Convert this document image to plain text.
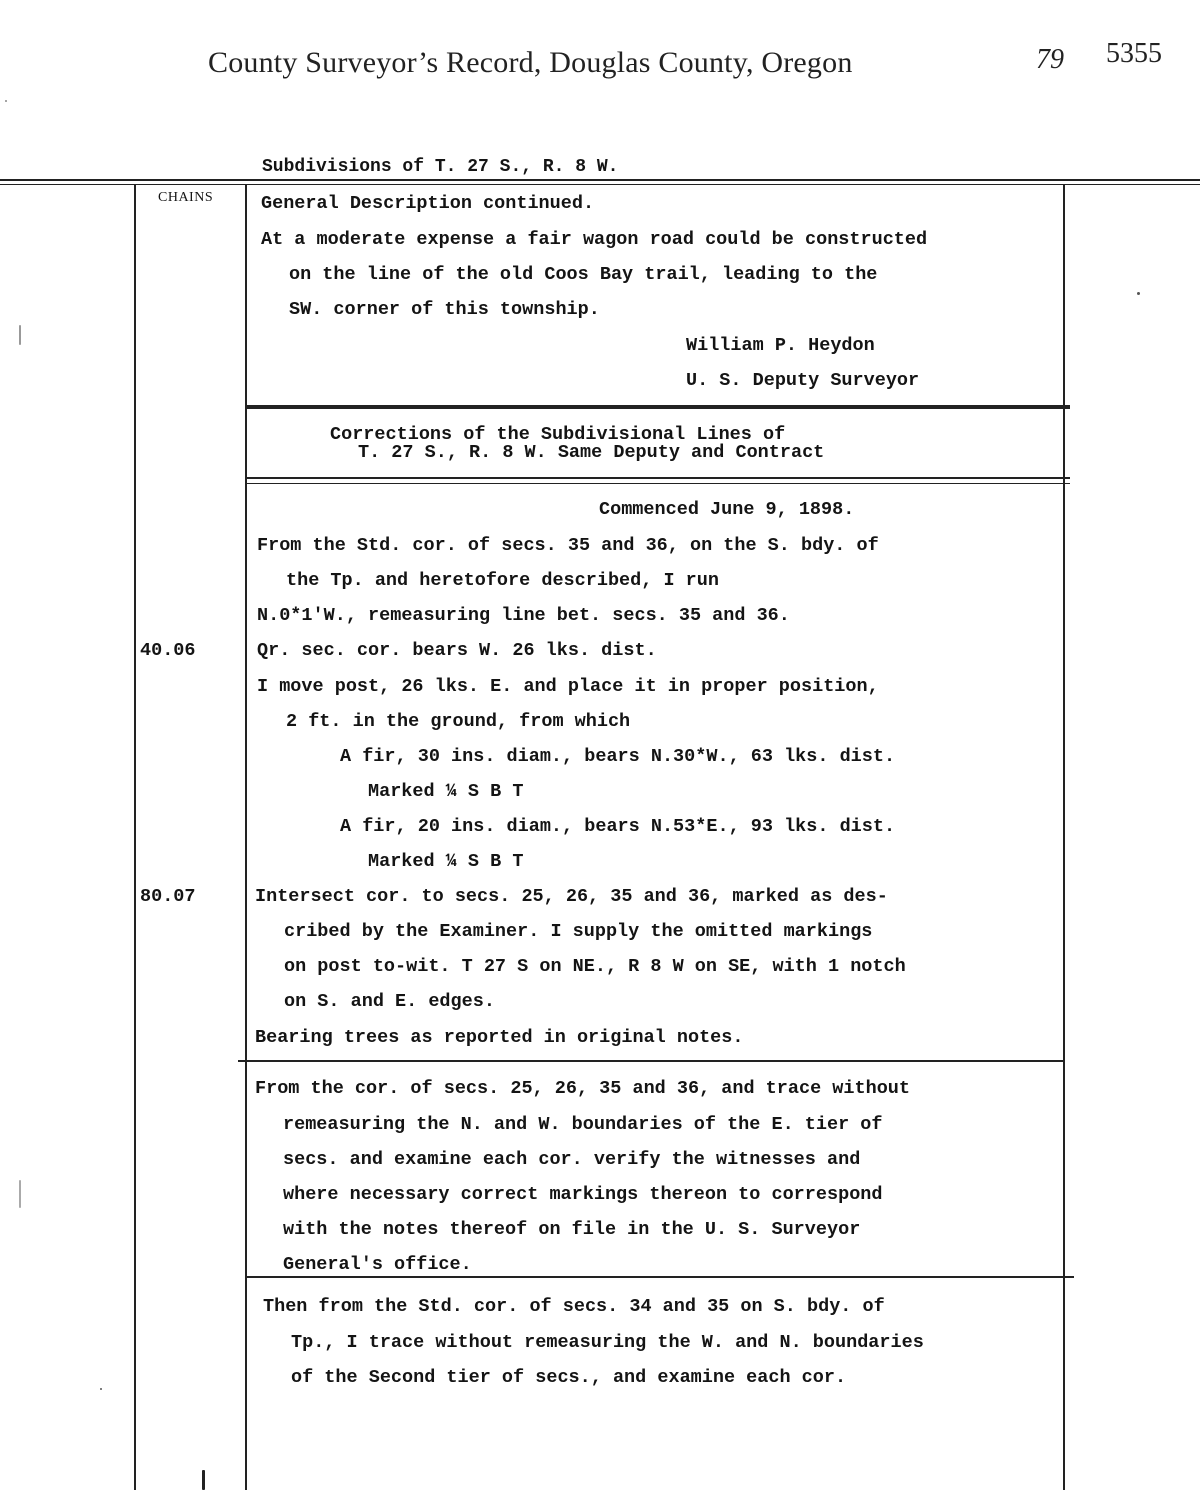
County Surveyor’s Record, Douglas County, Oregon	79 5355
Subdivisions of T. 27 S., R. 8 W.
CHAINS	General Description continued.
At a moderate expense a fair wagon road could be constructed
on the line of the old Coos Bay trail, leading to the
SW. corner of this township.
William P. Heydon
U. S. Deputy Surveyor
Corrections of the Subdivisional Lines of
T. 27 S., R. 8 W. Same Deputy and Contract
Commenced June 9, 1898.
From the Std. cor. of secs. 35 and 36, on the S. bdy. of
the Tp. and heretofore described, I run
N.0*1'W., remeasuring line bet. secs. 35 and 36.
40.06	Qr. sec. cor. bears W. 26 lks. dist.
I move post, 26 lks. E. and place it in proper position,
2 ft. in the ground, from which
A fir, 30 ins. diam., bears N.30*W., 63 lks. dist.
Marked ¼ S B T
A fir, 20 ins. diam., bears N.53*E., 93 lks. dist.
Marked ¼ S B T
80.07	Intersect cor. to secs. 25, 26, 35 and 36, marked as des-
cribed by the Examiner. I supply the omitted markings
on post to-wit. T 27 S on NE., R 8 W on SE, with 1 notch
on S. and E. edges.
Bearing trees as reported in original notes.
From the cor. of secs. 25, 26, 35 and 36, and trace without
remeasuring the N. and W. boundaries of the E. tier of
secs. and examine each cor. verify the witnesses and
where necessary correct markings thereon to correspond
with the notes thereof on file in the U. S. Surveyor
General's office.
Then from the Std. cor. of secs. 34 and 35 on S. bdy. of
Tp., I trace without remeasuring the W. and N. boundaries
of the Second tier of secs., and examine each cor.
